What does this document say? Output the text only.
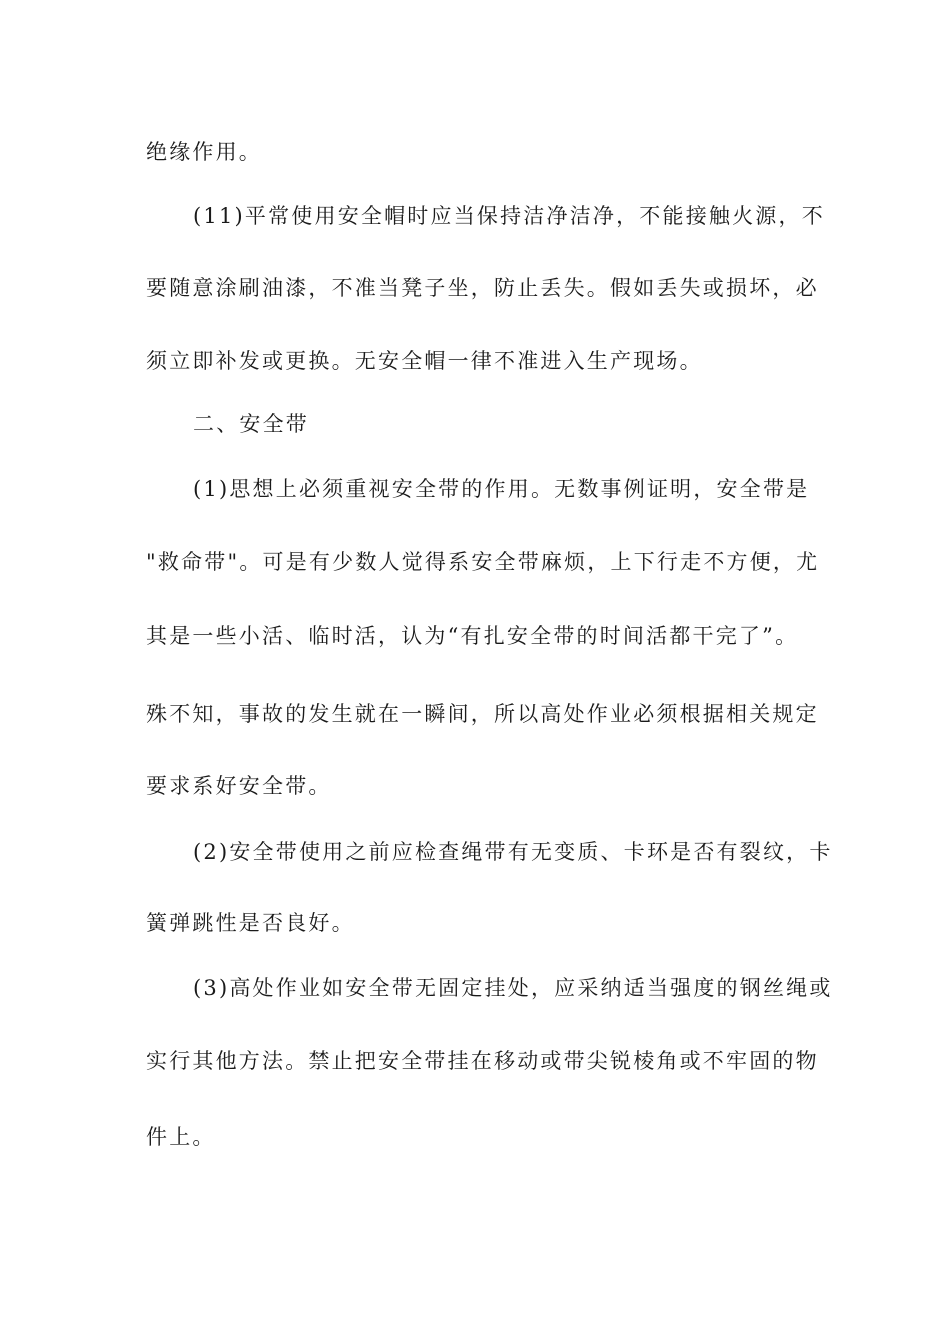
绝缘作用。
(11)平常使用安全帽时应当保持洁净洁净，不能接触火源，不
要随意涂刷油漆，不准当凳子坐，防止丢失。假如丢失或损坏，必
须立即补发或更换。无安全帽一律不准进入生产现场。
二、安全带
(1)思想上必须重视安全带的作用。无数事例证明，安全带是
"救命带"。可是有少数人觉得系安全带麻烦，上下行走不方便，尤
其是一些小活、临时活，认为“有扎安全带的时间活都干完了”。
殊不知，事故的发生就在一瞬间，所以高处作业必须根据相关规定
要求系好安全带。
(2)安全带使用之前应检查绳带有无变质、卡环是否有裂纹，卡
簧弹跳性是否良好。
(3)高处作业如安全带无固定挂处，应采纳适当强度的钢丝绳或
实行其他方法。禁止把安全带挂在移动或带尖锐棱角或不牢固的物
件上。
